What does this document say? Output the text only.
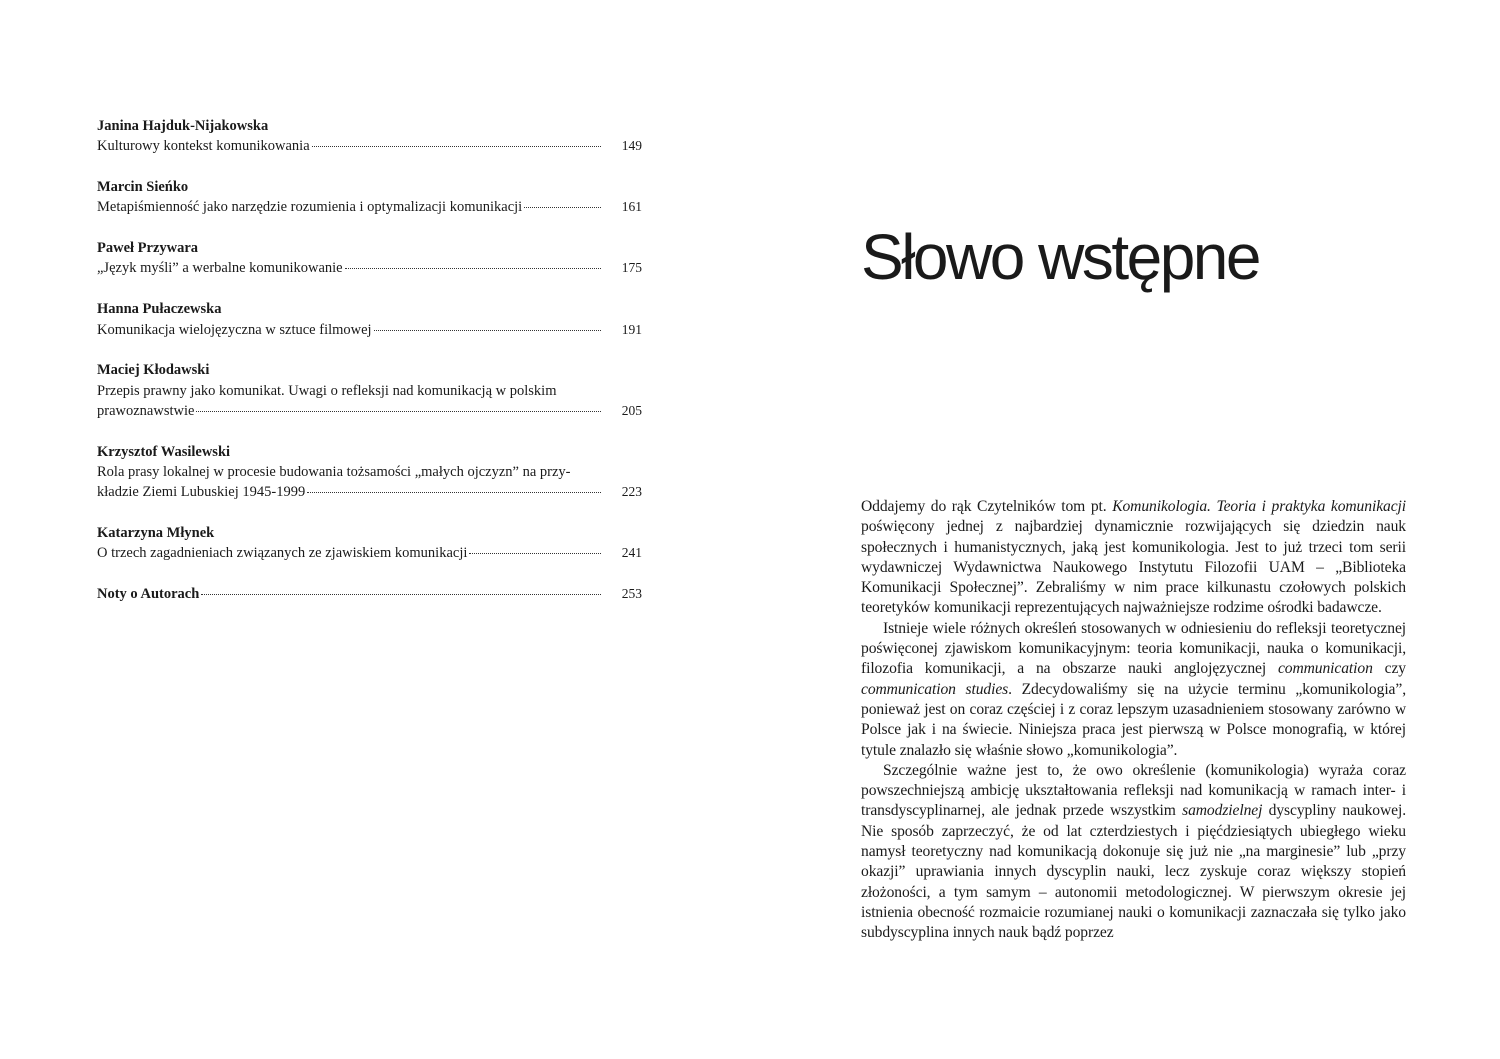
Janina Hajduk-Nijakowska
Kulturowy kontekst komunikowania	149
Marcin Sieńko
Metapiśmienność jako narzędzie rozumienia i optymalizacji komunikacji	161
Paweł Przywara
„Język myśli” a werbalne komunikowanie	175
Hanna Pułaczewska
Komunikacja wielojęzyczna w sztuce filmowej	191
Maciej Kłodawski
Przepis prawny jako komunikat. Uwagi o refleksji nad komunikacją w polskim
prawoznawstwie	205
Krzysztof Wasilewski
Rola prasy lokalnej w procesie budowania tożsamości „małych ojczyzn” na przy-
kładzie Ziemi Lubuskiej 1945-1999	223
Katarzyna Młynek
O trzech zagadnieniach związanych ze zjawiskiem komunikacji	241
Noty o Autorach	253
Słowo wstępne

Oddajemy do rąk Czytelników tom pt. Komunikologia. Teoria i praktyka komunikacji poświęcony jednej z najbardziej dynamicznie rozwijających się dziedzin nauk społecznych i humanistycznych, jaką jest komunikologia. Jest to już trzeci tom serii wydawniczej Wydawnictwa Naukowego Instytutu Filozofii UAM – „Biblioteka Komunikacji Społecznej”. Zebraliśmy w nim prace kilkunastu czołowych polskich teoretyków komunikacji reprezentujących najważniejsze rodzime ośrodki badawcze.

Istnieje wiele różnych określeń stosowanych w odniesieniu do refleksji teoretycznej poświęconej zjawiskom komunikacyjnym: teoria komunikacji, nauka o komunikacji, filozofia komunikacji, a na obszarze nauki anglojęzycznej communication czy communication studies. Zdecydowaliśmy się na użycie terminu „komunikologia”, ponieważ jest on coraz częściej i z coraz lepszym uzasadnieniem stosowany zarówno w Polsce jak i na świecie. Niniejsza praca jest pierwszą w Polsce monografią, w której tytule znalazło się właśnie słowo „komunikologia”.

Szczególnie ważne jest to, że owo określenie (komunikologia) wyraża coraz powszechniejszą ambicję ukształtowania refleksji nad komunikacją w ramach inter- i transdyscyplinarnej, ale jednak przede wszystkim samodzielnej dyscypliny naukowej. Nie sposób zaprzeczyć, że od lat czterdziestych i pięćdziesiątych ubiegłego wieku namysł teoretyczny nad komunikacją dokonuje się już nie „na marginesie” lub „przy okazji” uprawiania innych dyscyplin nauki, lecz zyskuje coraz większy stopień złożoności, a tym samym – autonomii metodologicznej. W pierwszym okresie jej istnienia obecność rozmaicie rozumianej nauki o komunikacji zaznaczała się tylko jako subdyscyplina innych nauk bądź poprzez
